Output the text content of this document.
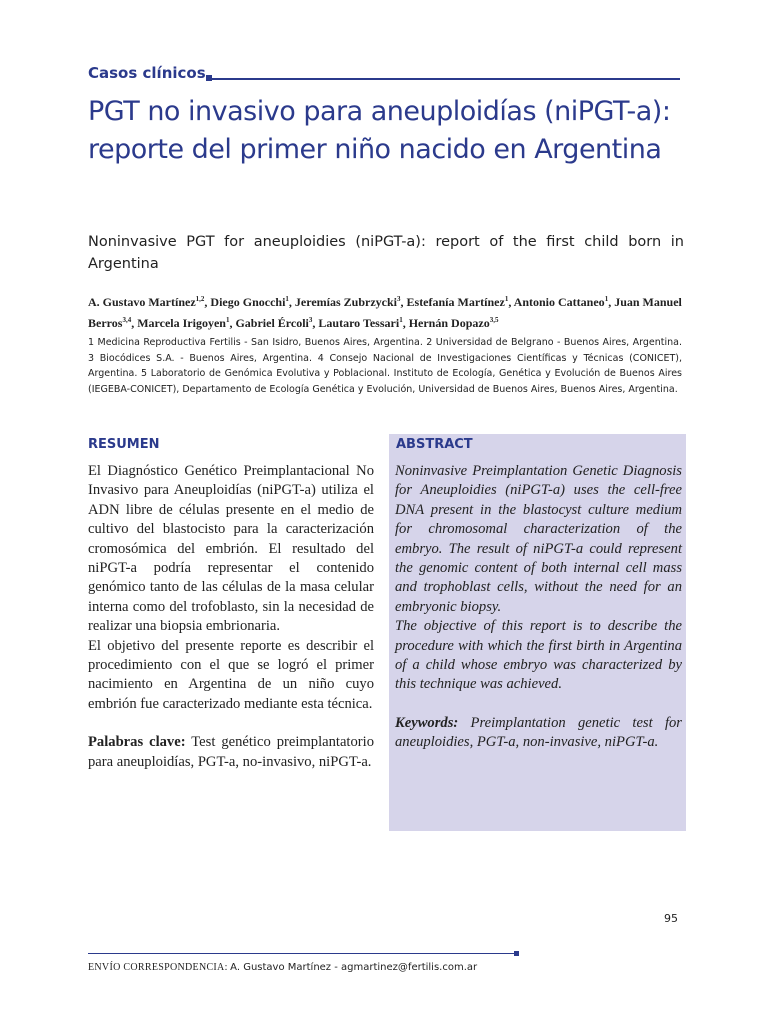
Casos clínicos
PGT no invasivo para aneuploidías (niPGT-a):
reporte del primer niño nacido en Argentina
Noninvasive PGT for aneuploidies (niPGT-a): report of the first child born in Argentina
A. Gustavo Martínez$^{1,2}$, Diego Gnocchi$^1$, Jeremías Zubrzycki$^3$, Estefanía Martínez$^1$, Antonio Cattaneo$^1$, Juan Manuel Berros$^{3,4}$, Marcela Irigoyen$^1$, Gabriel Ércoli$^3$, Lautaro Tessari$^1$, Hernán Dopazo$^{3,5}$
1 Medicina Reproductiva Fertilis - San Isidro, Buenos Aires, Argentina. 2 Universidad de Belgrano - Buenos Aires, Argentina. 3 Biocódices S.A. - Buenos Aires, Argentina. 4 Consejo Nacional de Investigaciones Científicas y Técnicas (CONICET), Argentina. 5 Laboratorio de Genómica Evolutiva y Poblacional. Instituto de Ecología, Genética y Evolución de Buenos Aires (IEGEBA-CONICET), Departamento de Ecología Genética y Evolución, Universidad de Buenos Aires, Buenos Aires, Argentina.
RESUMEN

El Diagnóstico Genético Preimplantacional No Invasivo para Aneuploidías (niPGT-a) utiliza el ADN libre de células presente en el medio de cultivo del blastocisto para la caracterización cromosómica del embrión. El resultado del niPGT-a podría representar el contenido genómico tanto de las células de la masa celular interna como del trofoblasto, sin la necesidad de realizar una biopsia embrionaria.

El objetivo del presente reporte es describir el procedimiento con el que se logró el primer nacimiento en Argentina de un niño cuyo embrión fue caracterizado mediante esta técnica.

Palabras clave: Test genético preimplantatorio para aneuploidías, PGT-a, no-invasivo, niPGT-a.

ABSTRACT

Noninvasive Preimplantation Genetic Diagnosis for Aneuploidies (niPGT-a) uses the cell-free DNA present in the blastocyst culture medium for chromosomal characterization of the embryo. The result of niPGT-a could represent the genomic content of both internal cell mass and trophoblast cells, without the need for an embryonic biopsy.

The objective of this report is to describe the procedure with which the first birth in Argentina of a child whose embryo was characterized by this technique was achieved.

Keywords: Preimplantation genetic test for aneuploidies, PGT-a, non-invasive, niPGT-a.

95
ENVÍO CORRESPONDENCIA: A. Gustavo Martínez - agmartinez@fertilis.com.ar
